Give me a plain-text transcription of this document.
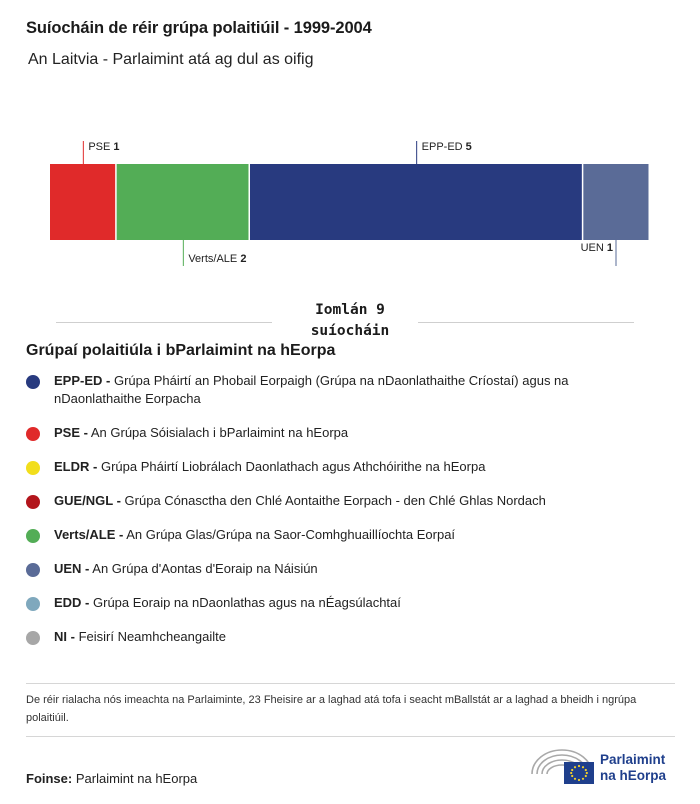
Suíocháin de réir grúpa polaitiúil - 1999-2004
An Laitvia - Parlaimint atá ag dul as oifig
PSE 1
Verts/ALE 2
EPP-ED 5
UEN 1
Iomlán 9
suíocháin
Grúpaí polaitiúla i bParlaimint na hEorpa
EPP-ED - Grúpa Pháirtí an Phobail Eorpaigh (Grúpa na nDaonlathaithe Críostaí) agus na nDaonlathaithe Eorpacha
PSE - An Grúpa Sóisialach i bParlaimint na hEorpa
ELDR - Grúpa Pháirtí Liobrálach Daonlathach agus Athchóirithe na hEorpa
GUE/NGL - Grúpa Cónasctha den Chlé Aontaithe Eorpach - den Chlé Ghlas Nordach
Verts/ALE - An Grúpa Glas/Grúpa na Saor-Comhghuaillíochta Eorpaí
UEN - An Grúpa d'Aontas d'Eoraip na Náisiún
EDD - Grúpa Eoraip na nDaonlathas agus na nÉagsúlachtaí
NI - Feisirí Neamhcheangailte
De réir rialacha nós imeachta na Parlaiminte, 23 Fheisire ar a laghad atá tofa i seacht mBallstát ar a laghad a bheidh i ngrúpa polaitiúil.
Foinse: Parlaimint na hEorpa
Parlaimint
na hEorpa
